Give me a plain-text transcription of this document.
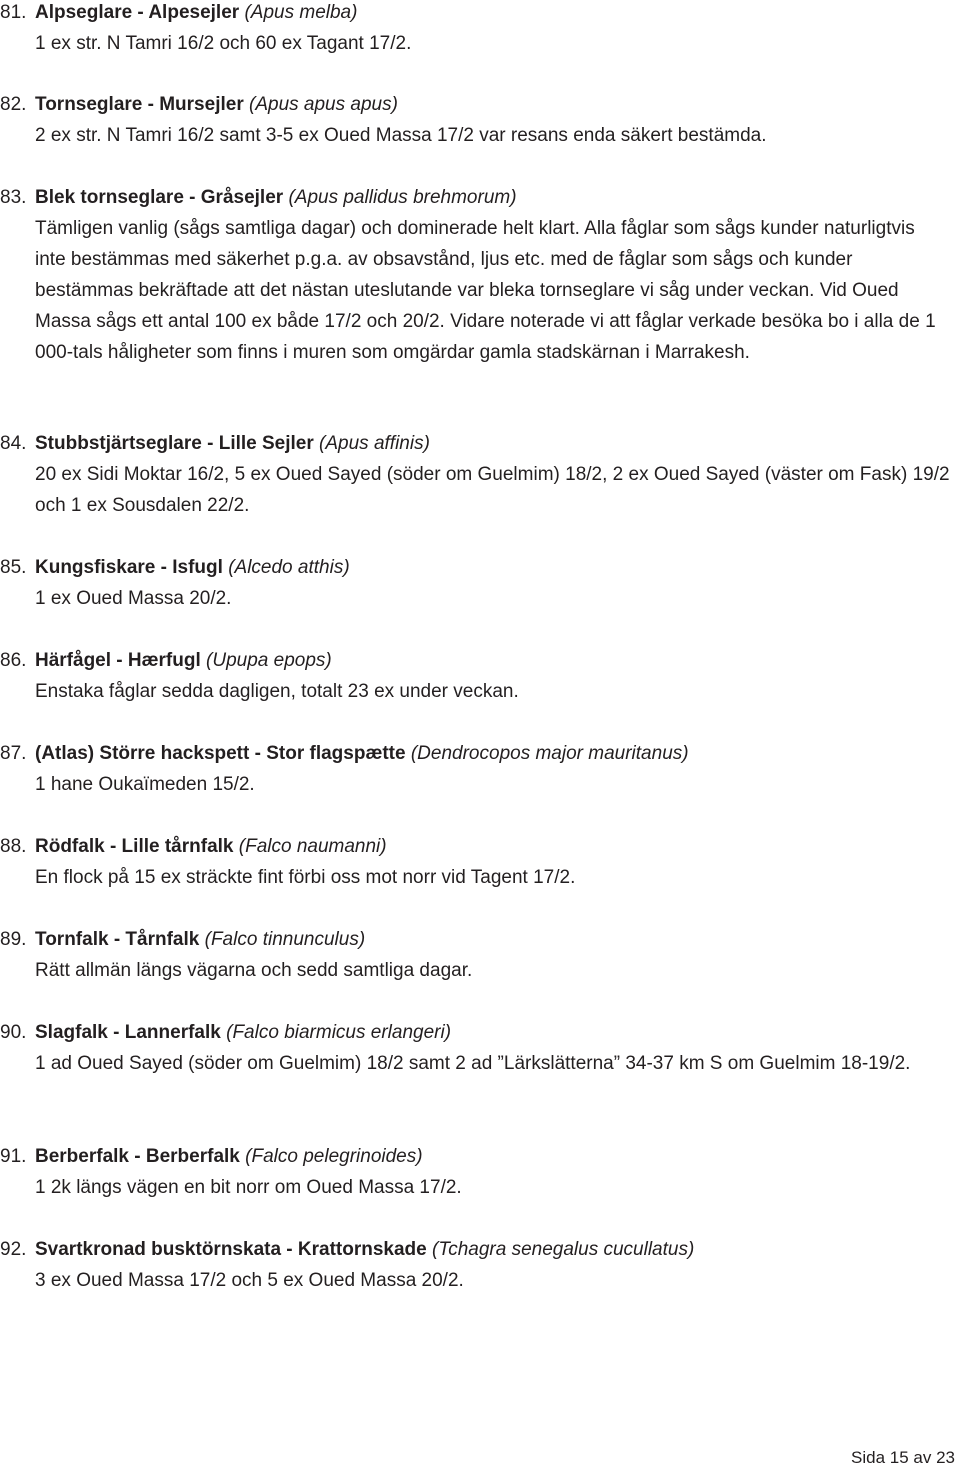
81. Alpseglare - Alpesejler (Apus melba)
1 ex str. N Tamri 16/2 och 60 ex Tagant 17/2.
82. Tornseglare - Mursejler (Apus apus apus)
2 ex str. N Tamri 16/2 samt 3-5 ex Oued Massa 17/2 var resans enda säkert bestämda.
83. Blek tornseglare - Gråsejler (Apus pallidus brehmorum)
Tämligen vanlig (sågs samtliga dagar) och dominerade helt klart. Alla fåglar som sågs kunder naturligtvis inte bestämmas med säkerhet p.g.a. av obsavstånd, ljus etc. med de fåglar som sågs och kunder bestämmas bekräftade att det nästan uteslutande var bleka tornseglare vi såg under veckan. Vid Oued Massa sågs ett antal 100 ex både 17/2 och 20/2. Vidare noterade vi att fåglar verkade besöka bo i alla de 1 000-tals håligheter som finns i muren som omgärdar gamla stadskärnan i Marrakesh.
84. Stubbstjärtseglare - Lille Sejler (Apus affinis)
20 ex Sidi Moktar 16/2, 5 ex Oued Sayed (söder om Guelmim) 18/2, 2 ex Oued Sayed (väster om Fask) 19/2 och 1 ex Sousdalen 22/2.
85. Kungsfiskare - Isfugl (Alcedo atthis)
1 ex Oued Massa 20/2.
86. Härfågel - Hærfugl (Upupa epops)
Enstaka fåglar sedda dagligen, totalt 23 ex under veckan.
87. (Atlas) Större hackspett - Stor flagspætte (Dendrocopos major mauritanus)
1 hane Oukaïmeden 15/2.
88. Rödfalk - Lille tårnfalk (Falco naumanni)
En flock på 15 ex sträckte fint förbi oss mot norr vid Tagent 17/2.
89. Tornfalk - Tårnfalk (Falco tinnunculus)
Rätt allmän längs vägarna och sedd samtliga dagar.
90. Slagfalk - Lannerfalk (Falco biarmicus erlangeri)
1 ad Oued Sayed (söder om Guelmim) 18/2 samt 2 ad ”Lärkslätterna” 34-37 km S om Guelmim 18-19/2.
91. Berberfalk - Berberfalk (Falco pelegrinoides)
1 2k längs vägen en bit norr om Oued Massa 17/2.
92. Svartkronad busktörnskata - Krattornskade (Tchagra senegalus cucullatus)
3 ex Oued Massa 17/2 och 5 ex Oued Massa 20/2.
Sida 15 av 23
